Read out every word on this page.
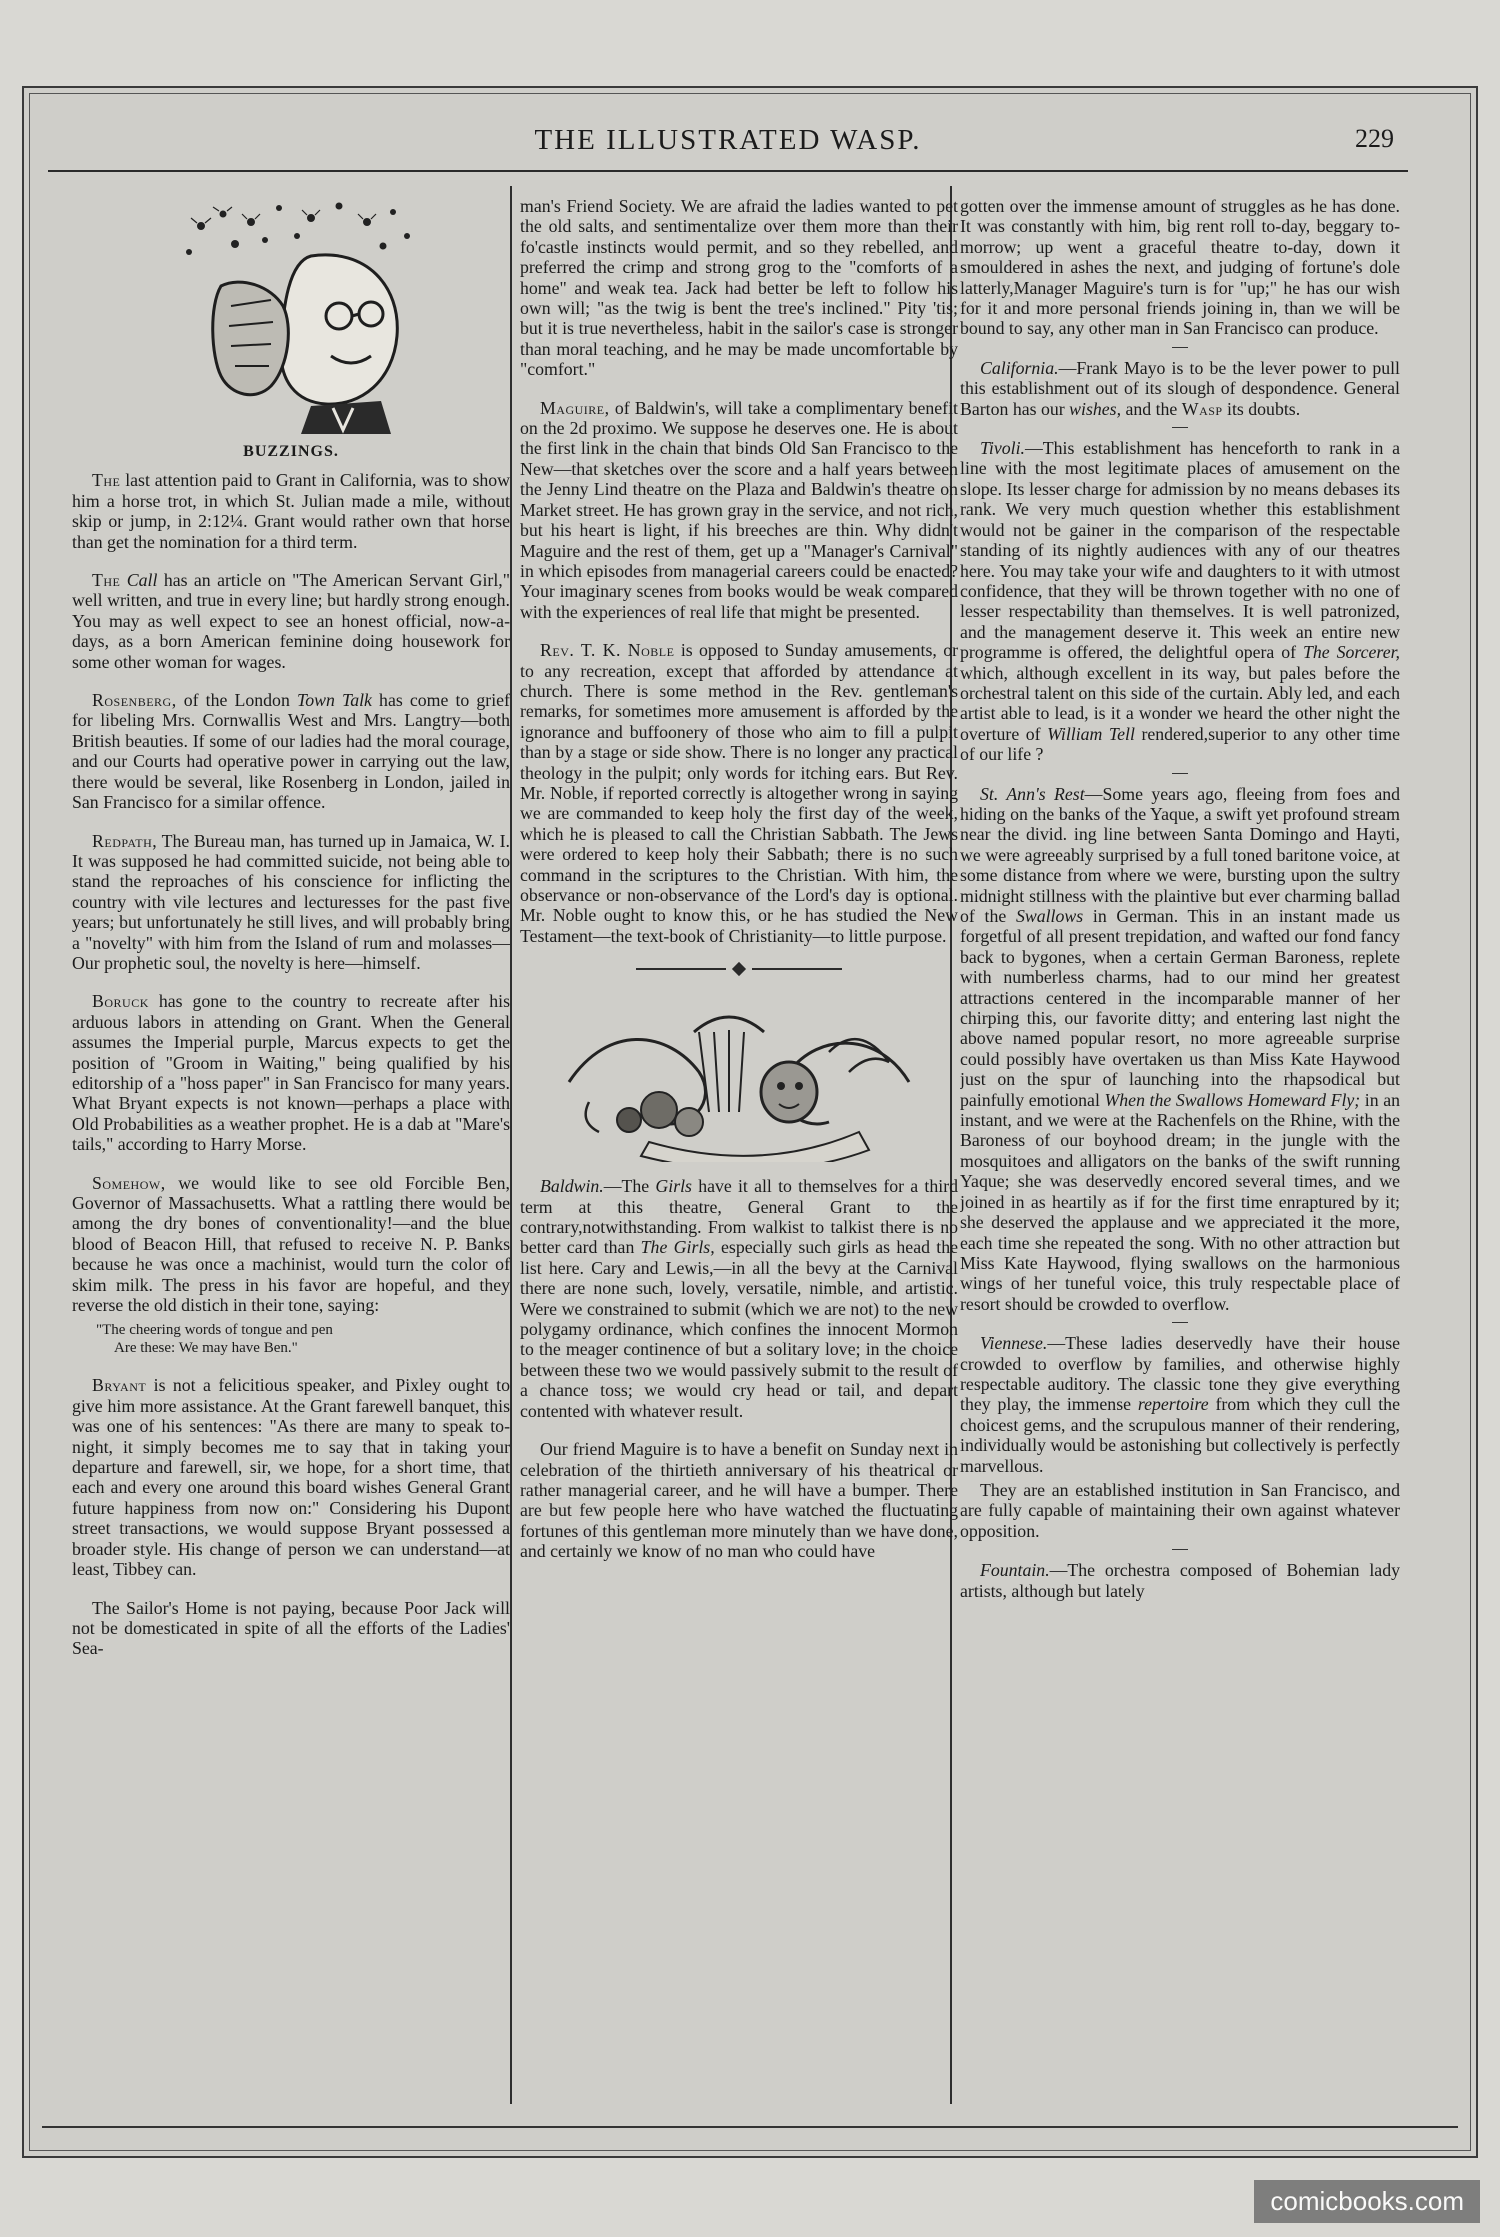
THE ILLUSTRATED WASP.	229
BUZZINGS.

The last attention paid to Grant in California, was to show him a horse trot, in which St. Julian made a mile, without skip or jump, in 2:12¼. Grant would rather own that horse than get the nomination for a third term.

The Call has an article on "The American Servant Girl," well written, and true in every line; but hardly strong enough. You may as well expect to see an honest official, now-a-days, as a born American feminine doing housework for some other woman for wages.

Rosenberg, of the London Town Talk has come to grief for libeling Mrs. Cornwallis West and Mrs. Langtry—both British beauties. If some of our ladies had the moral courage, and our Courts had operative power in carrying out the law, there would be several, like Rosenberg in London, jailed in San Francisco for a similar offence.

Redpath, The Bureau man, has turned up in Jamaica, W. I. It was supposed he had committed suicide, not being able to stand the reproaches of his conscience for inflicting the country with vile lectures and lecturesses for the past five years; but unfortunately he still lives, and will probably bring a "novelty" with him from the Island of rum and molasses—Our prophetic soul, the novelty is here—himself.

Boruck has gone to the country to recreate after his arduous labors in attending on Grant. When the General assumes the Imperial purple, Marcus expects to get the position of "Groom in Waiting," being qualified by his editorship of a "hoss paper" in San Francisco for many years. What Bryant expects is not known—perhaps a place with Old Probabilities as a weather prophet. He is a dab at "Mare's tails," according to Harry Morse.

Somehow, we would like to see old Forcible Ben, Governor of Massachusetts. What a rattling there would be among the dry bones of conventionality!—and the blue blood of Beacon Hill, that refused to receive N. P. Banks because he was once a machinist, would turn the color of skim milk. The press in his favor are hopeful, and they reverse the old distich in their tone, saying:

"The cheering words of tongue and pen
Are these: We may have Ben."

Bryant is not a felicitious speaker, and Pixley ought to give him more assistance. At the Grant farewell banquet, this was one of his sentences: "As there are many to speak to-night, it simply becomes me to say that in taking your departure and farewell, sir, we hope, for a short time, that each and every one around this board wishes General Grant future happiness from now on:" Considering his Dupont street transactions, we would suppose Bryant possessed a broader style. His change of person we can understand—at least, Tibbey can.

The Sailor's Home is not paying, because Poor Jack will not be domesticated in spite of all the efforts of the Ladies' Sea-

man's Friend Society. We are afraid the ladies wanted to pet the old salts, and sentimentalize over them more than their fo'castle instincts would permit, and so they rebelled, and preferred the crimp and strong grog to the "comforts of a home" and weak tea. Jack had better be left to follow his own will; "as the twig is bent the tree's inclined." Pity 'tis; but it is true nevertheless, habit in the sailor's case is stronger than moral teaching, and he may be made uncomfortable by "comfort."

Maguire, of Baldwin's, will take a complimentary benefit on the 2d proximo. We suppose he deserves one. He is about the first link in the chain that binds Old San Francisco to the New—that sketches over the score and a half years between the Jenny Lind theatre on the Plaza and Baldwin's theatre on Market street. He has grown gray in the service, and not rich, but his heart is light, if his breeches are thin. Why didn't Maguire and the rest of them, get up a "Manager's Carnival" in which episodes from managerial careers could be enacted? Your imaginary scenes from books would be weak compared with the experiences of real life that might be presented.

Rev. T. K. Noble is opposed to Sunday amusements, or to any recreation, except that afforded by attendance at church. There is some method in the Rev. gentleman's remarks, for sometimes more amusement is afforded by the ignorance and buffoonery of those who aim to fill a pulpit than by a stage or side show. There is no longer any practical theology in the pulpit; only words for itching ears. But Rev. Mr. Noble, if reported correctly is altogether wrong in saying we are commanded to keep holy the first day of the week, which he is pleased to call the Christian Sabbath. The Jews were ordered to keep holy their Sabbath; there is no such command in the scriptures to the Christian. With him, the observance or non-observance of the Lord's day is optional. Mr. Noble ought to know this, or he has studied the New Testament—the text-book of Christianity—to little purpose.

Baldwin.—The Girls have it all to themselves for a third term at this theatre, General Grant to the contrary,notwithstanding. From walkist to talkist there is no better card than The Girls, especially such girls as head the list here. Cary and Lewis,—in all the bevy at the Carnival there are none such, lovely, versatile, nimble, and artistic. Were we constrained to submit (which we are not) to the new polygamy ordinance, which confines the innocent Mormon to the meager continence of but a solitary love; in the choice between these two we would passively submit to the result of a chance toss; we would cry head or tail, and depart contented with whatever result.

Our friend Maguire is to have a benefit on Sunday next in celebration of the thirtieth anniversary of his theatrical or rather managerial career, and he will have a bumper. There are but few people here who have watched the fluctuating fortunes of this gentleman more minutely than we have done, and certainly we know of no man who could have

gotten over the immense amount of struggles as he has done. It was constantly with him, big rent roll to-day, beggary to-morrow; up went a graceful theatre to-day, down it smouldered in ashes the next, and judging of fortune's dole latterly,Manager Maguire's turn is for "up;" he has our wish for it and more personal friends joining in, than we will be bound to say, any other man in San Francisco can produce.

California.—Frank Mayo is to be the lever power to pull this establishment out of its slough of despondence. General Barton has our wishes, and the Wasp its doubts.

Tivoli.—This establishment has henceforth to rank in a line with the most legitimate places of amusement on the slope. Its lesser charge for admission by no means debases its rank. We very much question whether this establishment would not be gainer in the comparison of the respectable standing of its nightly audiences with any of our theatres here. You may take your wife and daughters to it with utmost confidence, that they will be thrown together with no one of lesser respectability than themselves. It is well patronized, and the management deserve it. This week an entire new programme is offered, the delightful opera of The Sorcerer, which, although excellent in its way, but pales before the orchestral talent on this side of the curtain. Ably led, and each artist able to lead, is it a wonder we heard the other night the overture of William Tell rendered,superior to any other time of our life ?

St. Ann's Rest—Some years ago, fleeing from foes and hiding on the banks of the Yaque, a swift yet profound stream near the divid. ing line between Santa Domingo and Hayti, we were agreeably surprised by a full toned baritone voice, at some distance from where we were, bursting upon the sultry midnight stillness with the plaintive but ever charming ballad of the Swallows in German. This in an instant made us forgetful of all present trepidation, and wafted our fond fancy back to bygones, when a certain German Baroness, replete with numberless charms, had to our mind her greatest attractions centered in the incomparable manner of her chirping this, our favorite ditty; and entering last night the above named popular resort, no more agreeable surprise could possibly have overtaken us than Miss Kate Haywood just on the spur of launching into the rhapsodical but painfully emotional When the Swallows Homeward Fly; in an instant, and we were at the Rachenfels on the Rhine, with the Baroness of our boyhood dream; in the jungle with the mosquitoes and alligators on the banks of the swift running Yaque; she was deservedly encored several times, and we joined in as heartily as if for the first time enraptured by it; she deserved the applause and we appreciated it the more, each time she repeated the song. With no other attraction but Miss Kate Haywood, flying swallows on the harmonious wings of her tuneful voice, this truly respectable place of resort should be crowded to overflow.

Viennese.—These ladies deservedly have their house crowded to overflow by families, and otherwise highly respectable auditory. The classic tone they give everything they play, the immense repertoire from which they cull the choicest gems, and the scrupulous manner of their rendering, individually would be astonishing but collectively is perfectly marvellous.

They are an established institution in San Francisco, and are fully capable of maintaining their own against whatever opposition.

Fountain.—The orchestra composed of Bohemian lady artists, although but lately

comicbooks.com
